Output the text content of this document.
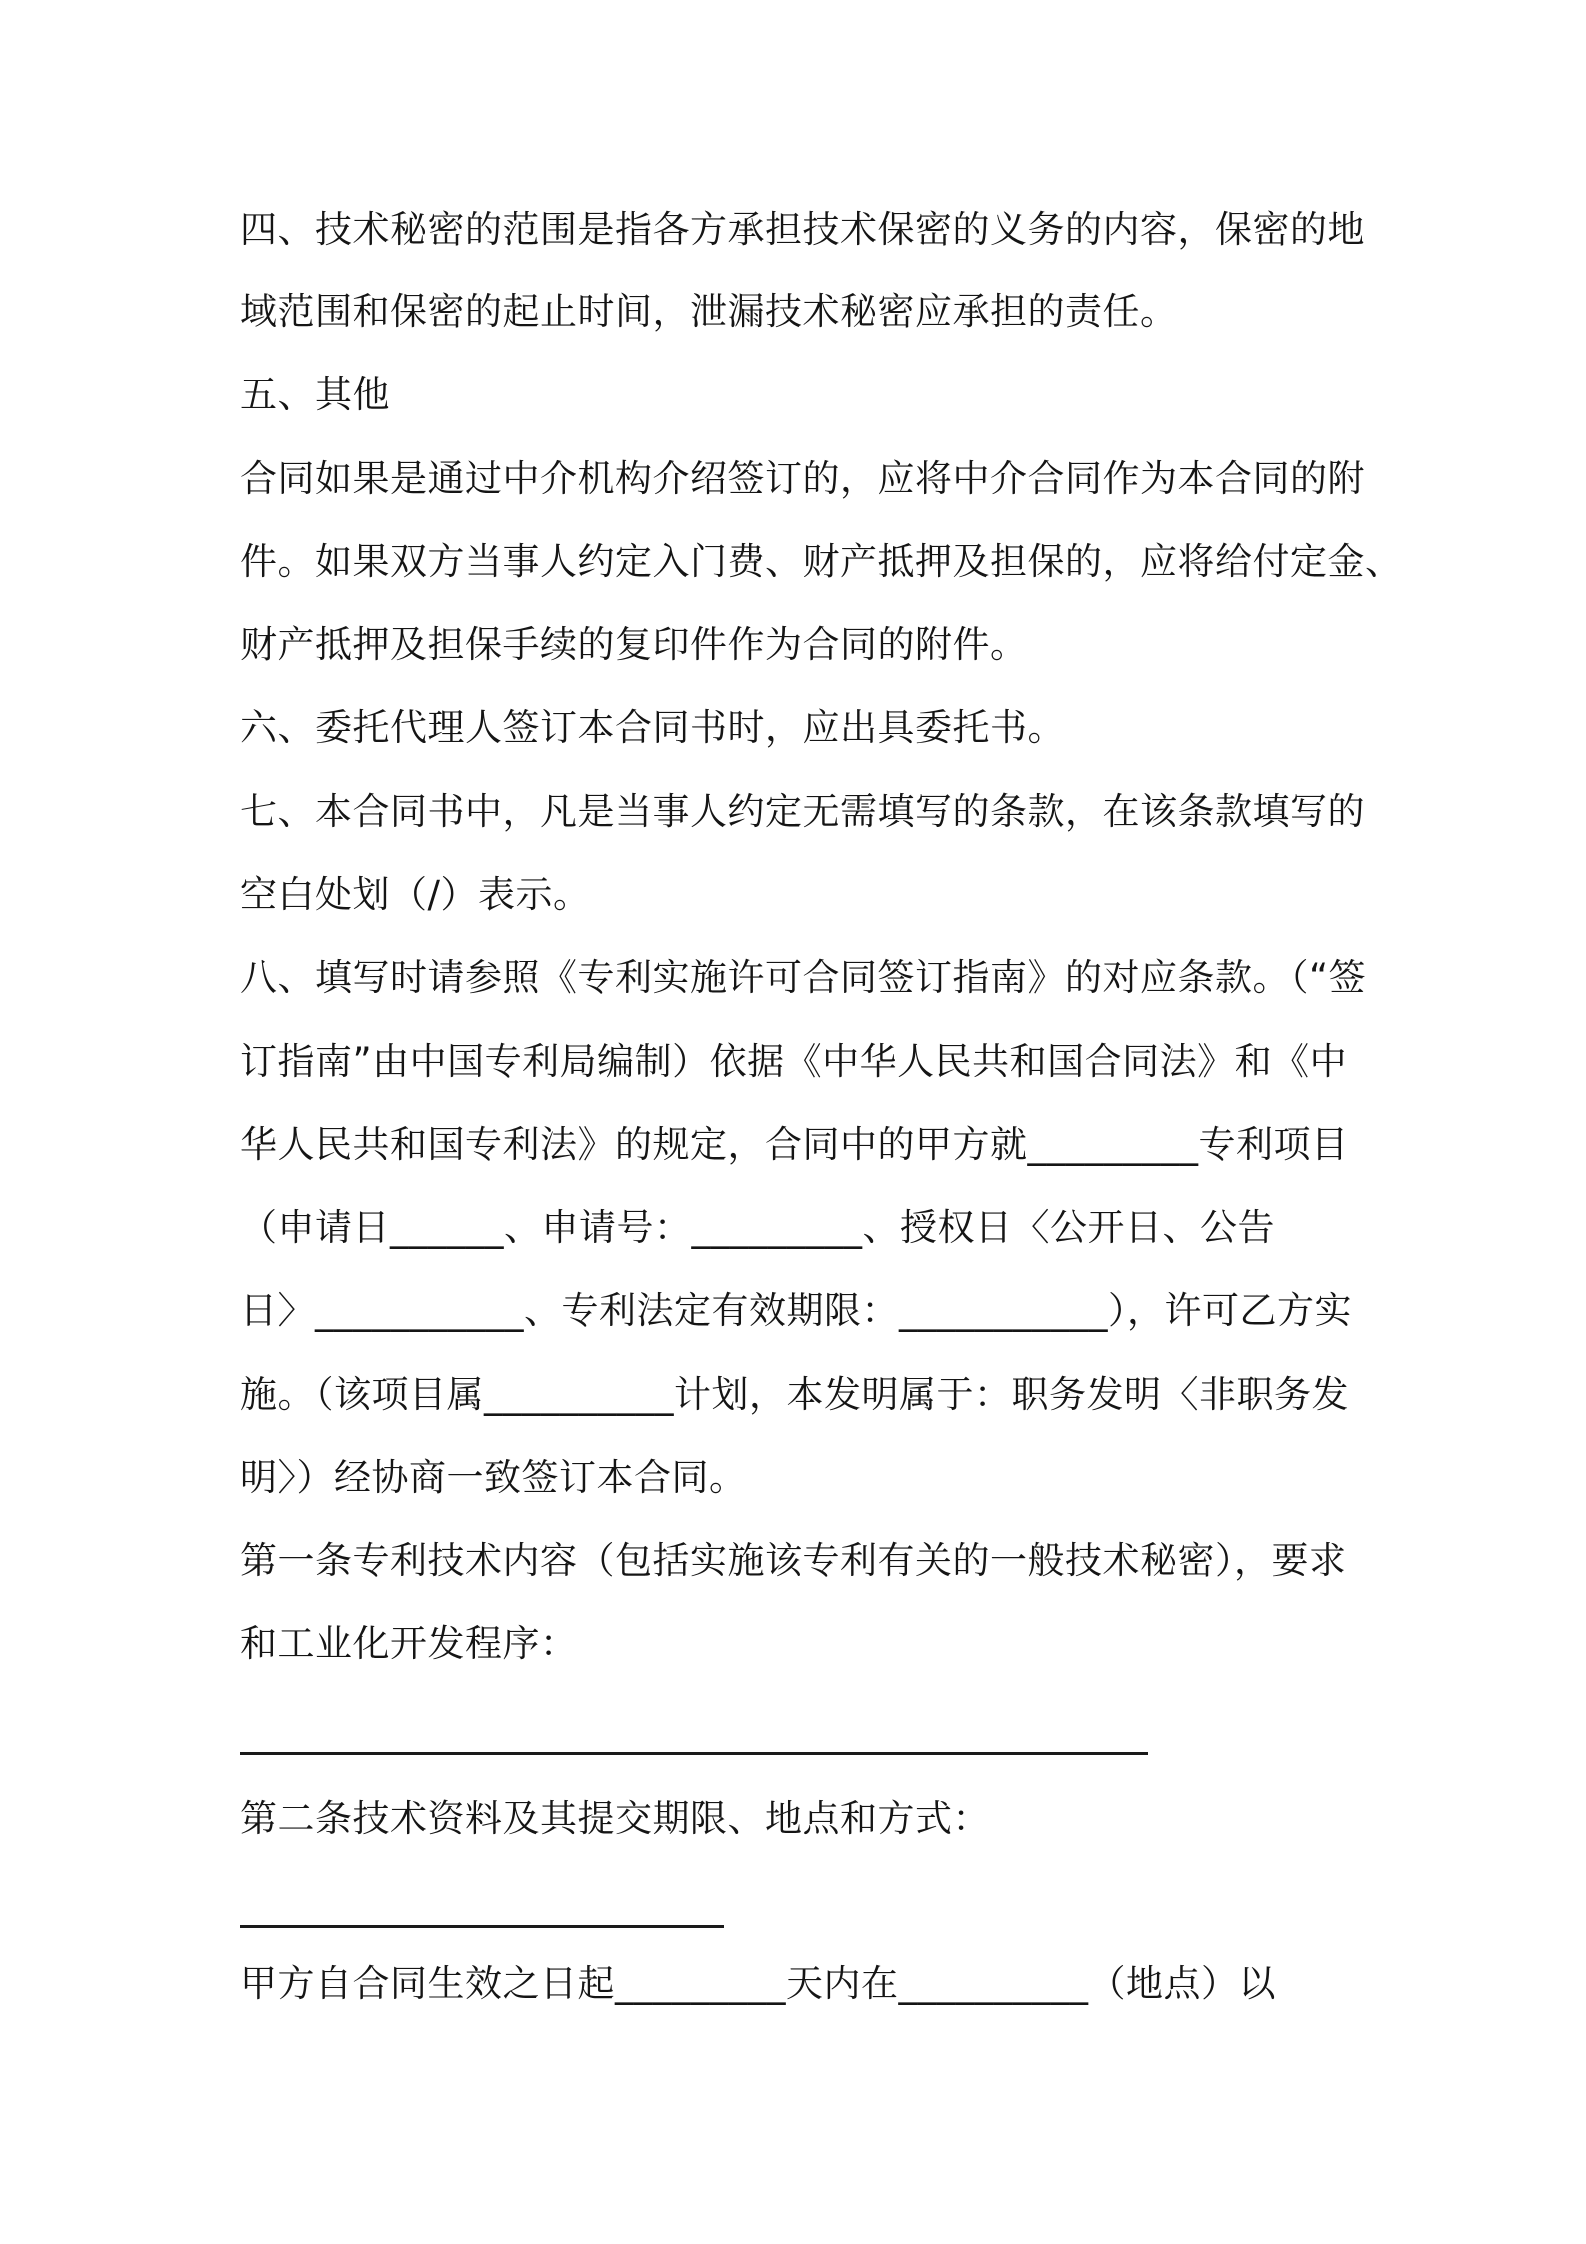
四、技术秘密的范围是指各方承担技术保密的义务的内容，保密的地
域范围和保密的起止时间，泄漏技术秘密应承担的责任。
五、其他
合同如果是通过中介机构介绍签订的，应将中介合同作为本合同的附
件。如果双方当事人约定入门费、财产抵押及担保的，应将给付定金、
财产抵押及担保手续的复印件作为合同的附件。
六、委托代理人签订本合同书时，应出具委托书。
七、本合同书中，凡是当事人约定无需填写的条款，在该条款填写的
空白处划（/）表示。
八、填写时请参照《专利实施许可合同签订指南》的对应条款。（“签
订指南”由中国专利局编制）依据《中华人民共和国合同法》和《中
华人民共和国专利法》的规定，合同中的甲方就_________专利项目
（申请日______、申请号：_________、授权日〈公开日、公告
日〉___________、专利法定有效期限：___________），许可乙方实
施。（该项目属__________计划，本发明属于：职务发明〈非职务发
明〉）经协商一致签订本合同。
第一条专利技术内容（包括实施该专利有关的一般技术秘密），要求
和工业化开发程序：
第二条技术资料及其提交期限、地点和方式：
甲方自合同生效之日起_________天内在__________（地点）以
